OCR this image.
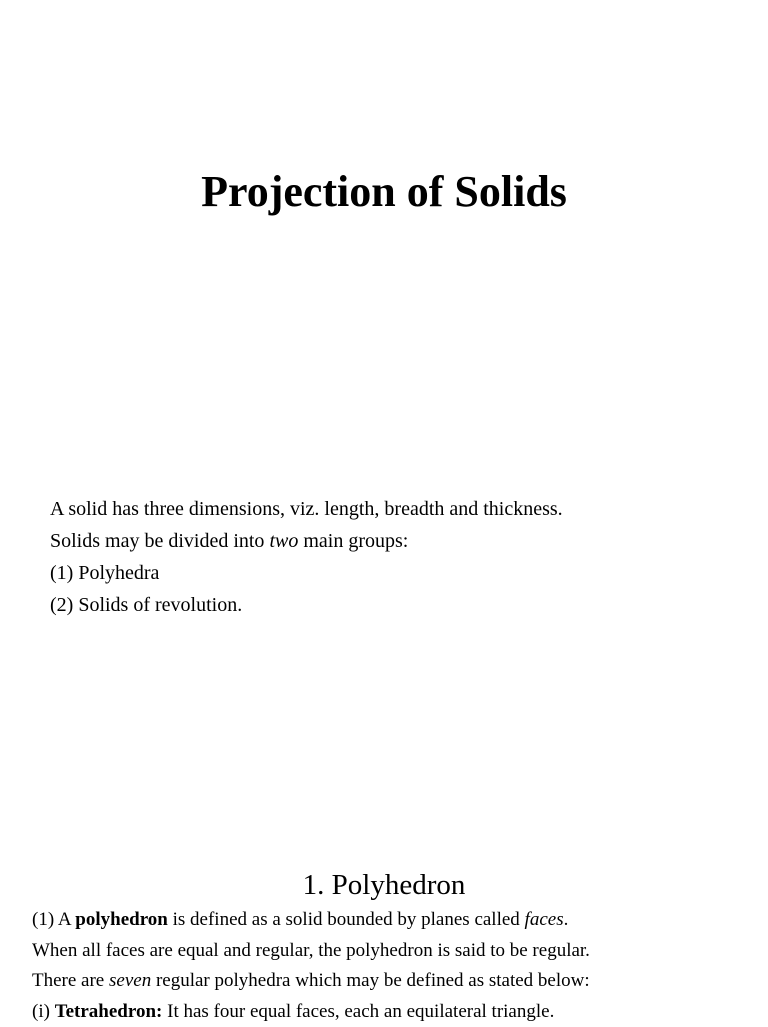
Projection of Solids
A solid has three dimensions, viz. length, breadth and thickness.
Solids may be divided into two main groups:
(1) Polyhedra
(2) Solids of revolution.
1. Polyhedron
(1) A polyhedron is defined as a solid bounded by planes called faces.
When all faces are equal and regular, the polyhedron is said to be regular.
There are seven regular polyhedra which may be defined as stated below:
(i) Tetrahedron: It has four equal faces, each an equilateral triangle.
